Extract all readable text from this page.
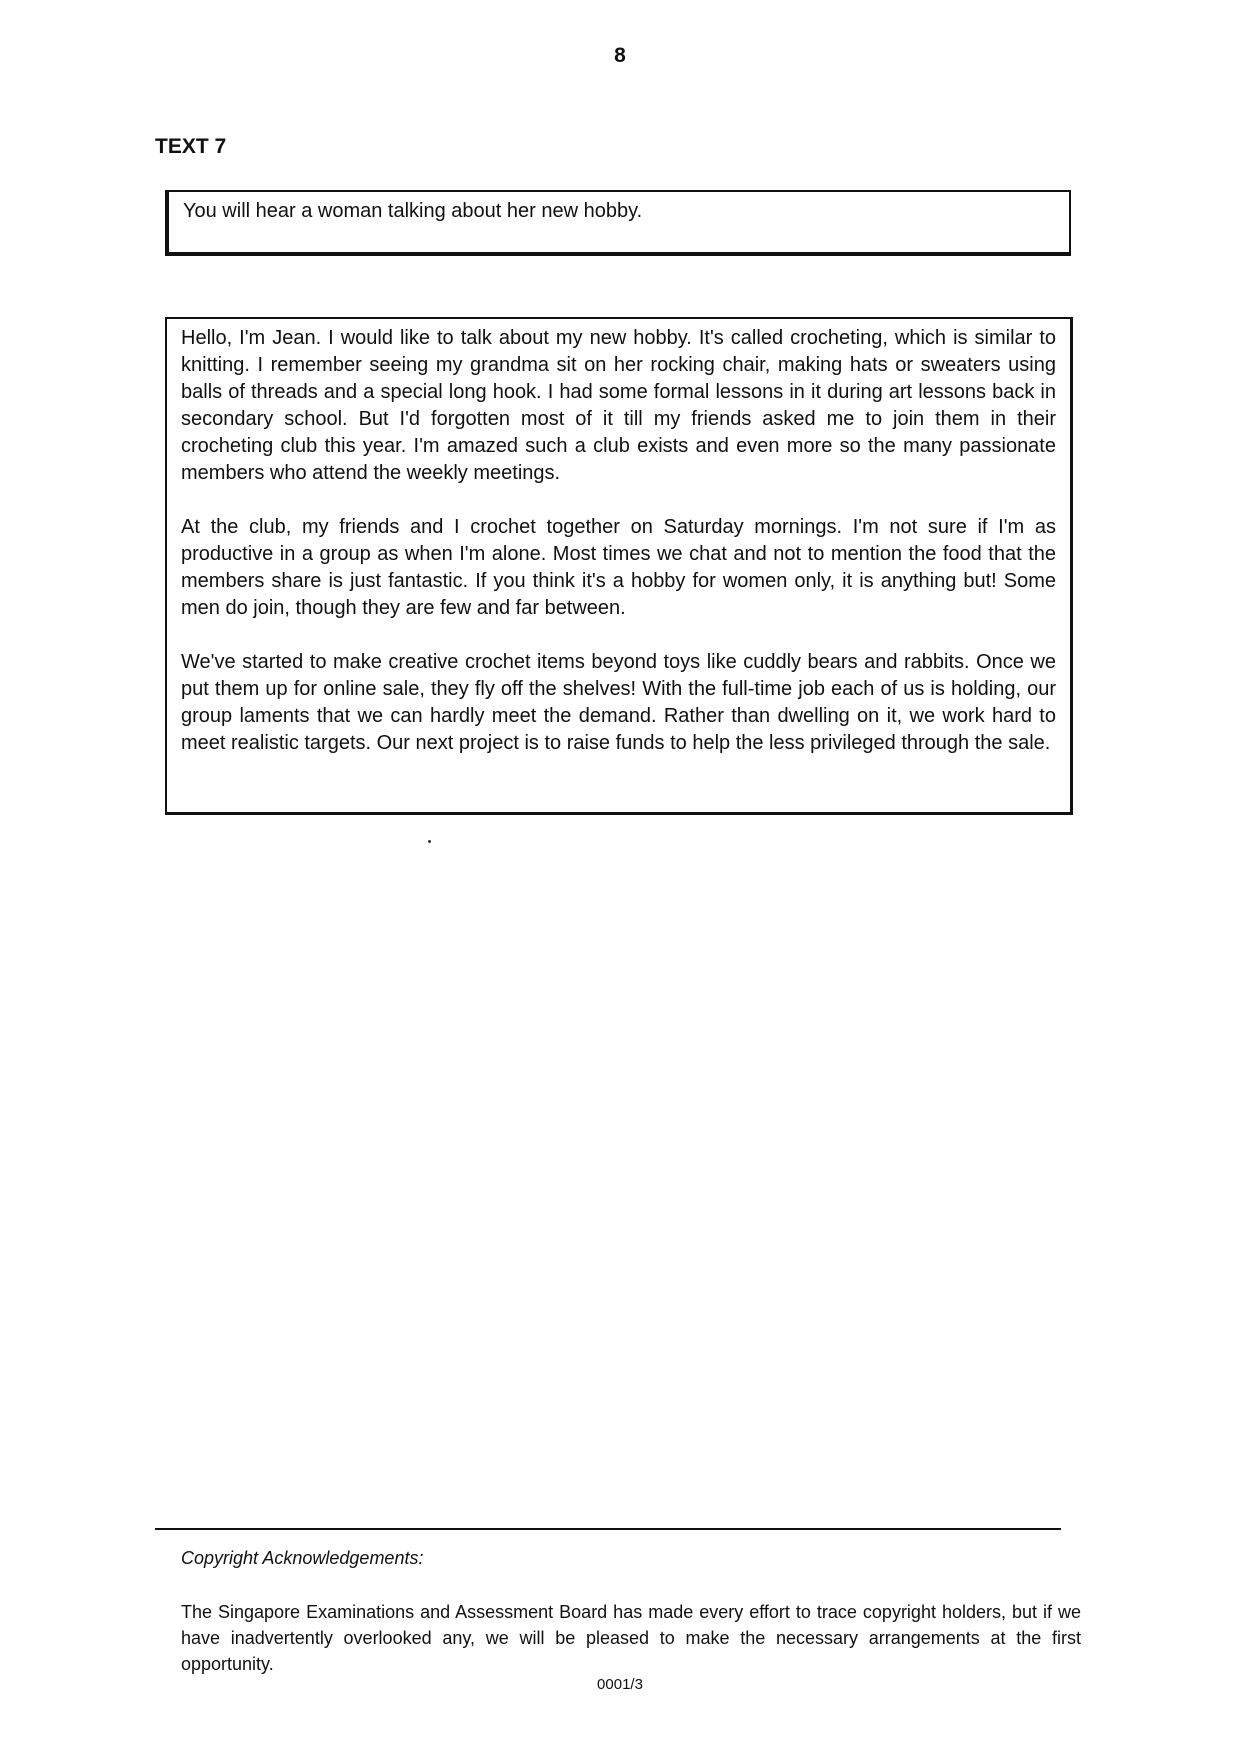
8
TEXT 7
You will hear a woman talking about her new hobby.

Hello, I'm Jean. I would like to talk about my new hobby. It's called crocheting, which is similar to knitting. I remember seeing my grandma sit on her rocking chair, making hats or sweaters using balls of threads and a special long hook. I had some formal lessons in it during art lessons back in secondary school. But I'd forgotten most of it till my friends asked me to join them in their crocheting club this year. I'm amazed such a club exists and even more so the many passionate members who attend the weekly meetings.

At the club, my friends and I crochet together on Saturday mornings. I'm not sure if I'm as productive in a group as when I'm alone. Most times we chat and not to mention the food that the members share is just fantastic. If you think it's a hobby for women only, it is anything but! Some men do join, though they are few and far between.

We've started to make creative crochet items beyond toys like cuddly bears and rabbits. Once we put them up for online sale, they fly off the shelves! With the full-time job each of us is holding, our group laments that we can hardly meet the demand. Rather than dwelling on it, we work hard to meet realistic targets. Our next project is to raise funds to help the less privileged through the sale.

Copyright Acknowledgements:
The Singapore Examinations and Assessment Board has made every effort to trace copyright holders, but if we have inadvertently overlooked any, we will be pleased to make the necessary arrangements at the first opportunity.
0001/3
